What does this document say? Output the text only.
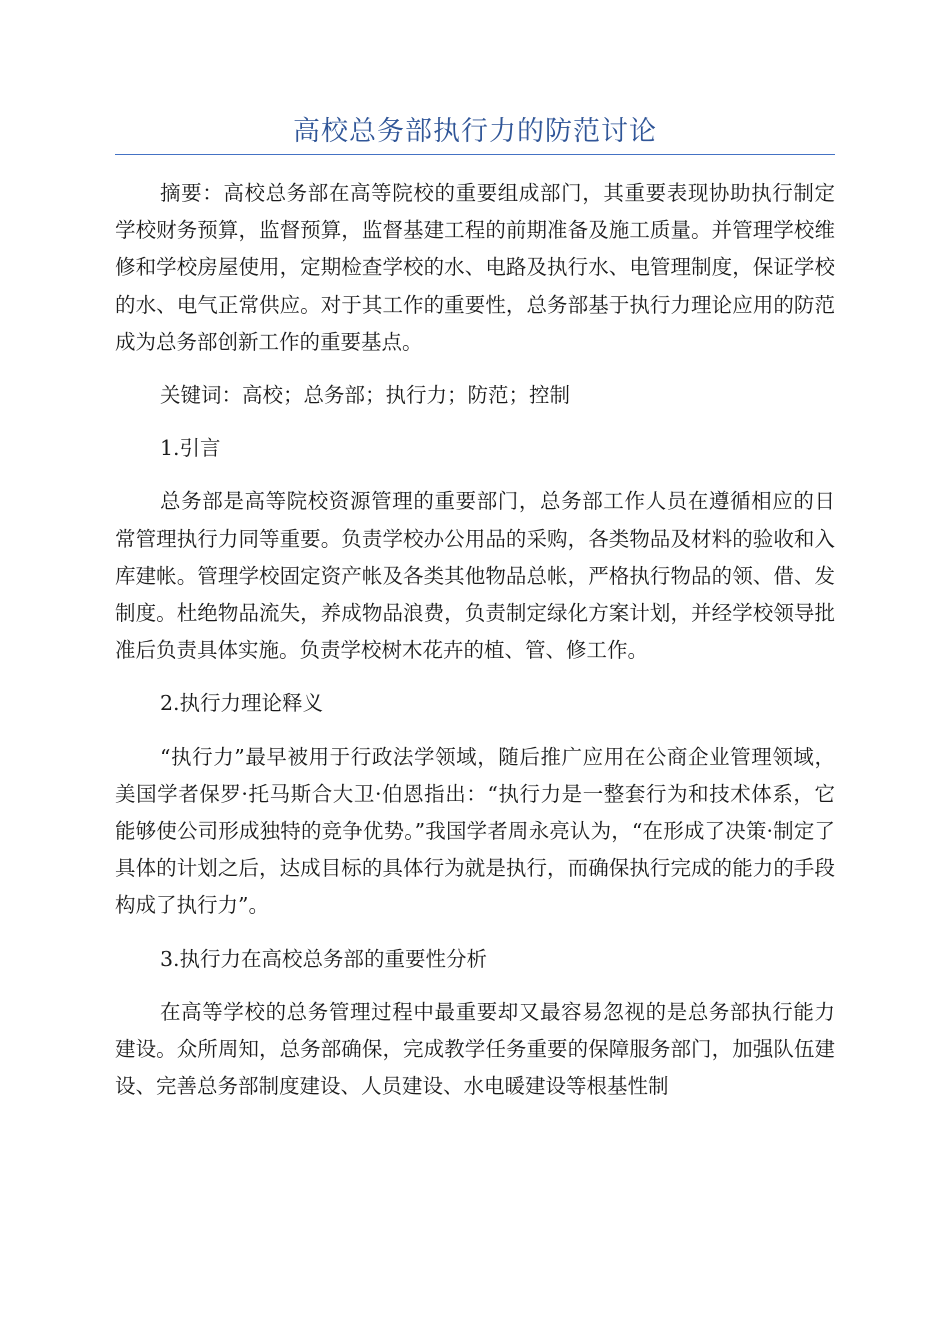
高校总务部执行力的防范讨论

摘要：高校总务部在高等院校的重要组成部门，其重要表现协助执行制定学校财务预算，监督预算，监督基建工程的前期准备及施工质量。并管理学校维修和学校房屋使用，定期检查学校的水、电路及执行水、电管理制度，保证学校的水、电气正常供应。对于其工作的重要性，总务部基于执行力理论应用的防范成为总务部创新工作的重要基点。

关键词：高校；总务部；执行力；防范；控制

1.引言

总务部是高等院校资源管理的重要部门，总务部工作人员在遵循相应的日常管理执行力同等重要。负责学校办公用品的采购，各类物品及材料的验收和入库建帐。管理学校固定资产帐及各类其他物品总帐，严格执行物品的领、借、发制度。杜绝物品流失，养成物品浪费，负责制定绿化方案计划，并经学校领导批准后负责具体实施。负责学校树木花卉的植、管、修工作。

2.执行力理论释义

“执行力”最早被用于行政法学领域，随后推广应用在公商企业管理领域，美国学者保罗·托马斯合大卫·伯恩指出：“执行力是一整套行为和技术体系，它能够使公司形成独特的竞争优势。”我国学者周永亮认为，“在形成了决策·制定了具体的计划之后，达成目标的具体行为就是执行，而确保执行完成的能力的手段构成了执行力”。

3.执行力在高校总务部的重要性分析

在高等学校的总务管理过程中最重要却又最容易忽视的是总务部执行能力建设。众所周知，总务部确保，完成教学任务重要的保障服务部门，加强队伍建设、完善总务部制度建设、人员建设、水电暖建设等根基性制
